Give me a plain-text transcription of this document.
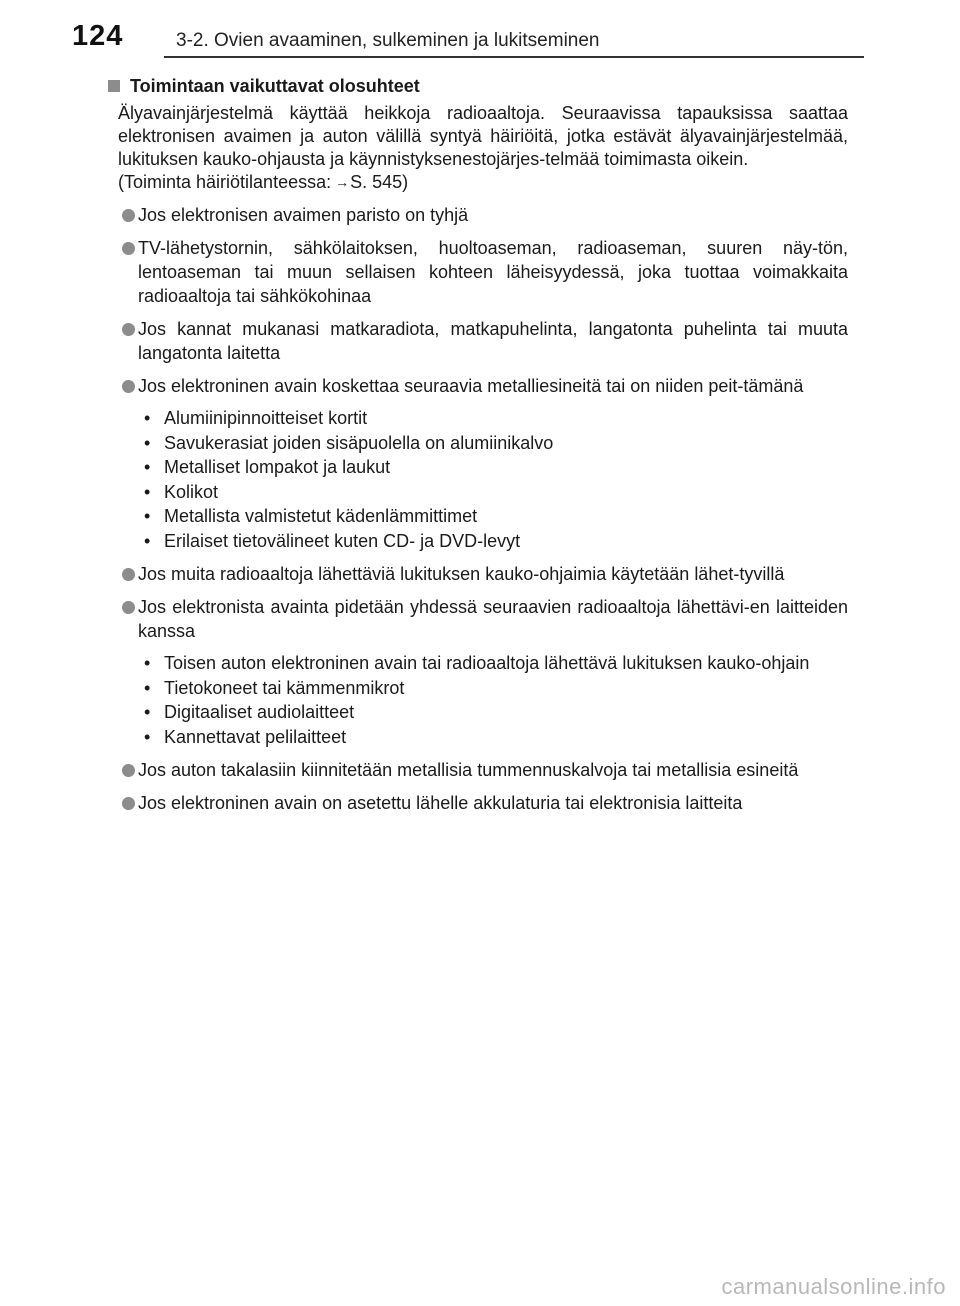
124	3-2. Ovien avaaminen, sulkeminen ja lukitseminen
Toimintaan vaikuttavat olosuhteet
Älyavainjärjestelmä käyttää heikkoja radioaaltoja. Seuraavissa tapauksissa saattaa elektronisen avaimen ja auton välillä syntyä häiriöitä, jotka estävät älyavainjärjestelmää, lukituksen kauko-ohjausta ja käynnistyksenestojärjes-telmää toimimasta oikein.
(Toiminta häiriötilanteessa: →S. 545)
Jos elektronisen avaimen paristo on tyhjä
TV-lähetystornin, sähkölaitoksen, huoltoaseman, radioaseman, suuren näy-tön, lentoaseman tai muun sellaisen kohteen läheisyydessä, joka tuottaa voimakkaita radioaaltoja tai sähkökohinaa
Jos kannat mukanasi matkaradiota, matkapuhelinta, langatonta puhelinta tai muuta langatonta laitetta
Jos elektroninen avain koskettaa seuraavia metalliesineitä tai on niiden peit-tämänä
• Alumiinipinnoitteiset kortit
• Savukerasiat joiden sisäpuolella on alumiinikalvo
• Metalliset lompakot ja laukut
• Kolikot
• Metallista valmistetut kädenlämmittimet
• Erilaiset tietovälineet kuten CD- ja DVD-levyt
Jos muita radioaaltoja lähettäviä lukituksen kauko-ohjaimia käytetään lähet-tyvillä
Jos elektronista avainta pidetään yhdessä seuraavien radioaaltoja lähettävi-en laitteiden kanssa
• Toisen auton elektroninen avain tai radioaaltoja lähettävä lukituksen kauko-ohjain
• Tietokoneet tai kämmenmikrot
• Digitaaliset audiolaitteet
• Kannettavat pelilaitteet
Jos auton takalasiin kiinnitetään metallisia tummennuskalvoja tai metallisia esineitä
Jos elektroninen avain on asetettu lähelle akkulaturia tai elektronisia laitteita
carmanualsonline.info
